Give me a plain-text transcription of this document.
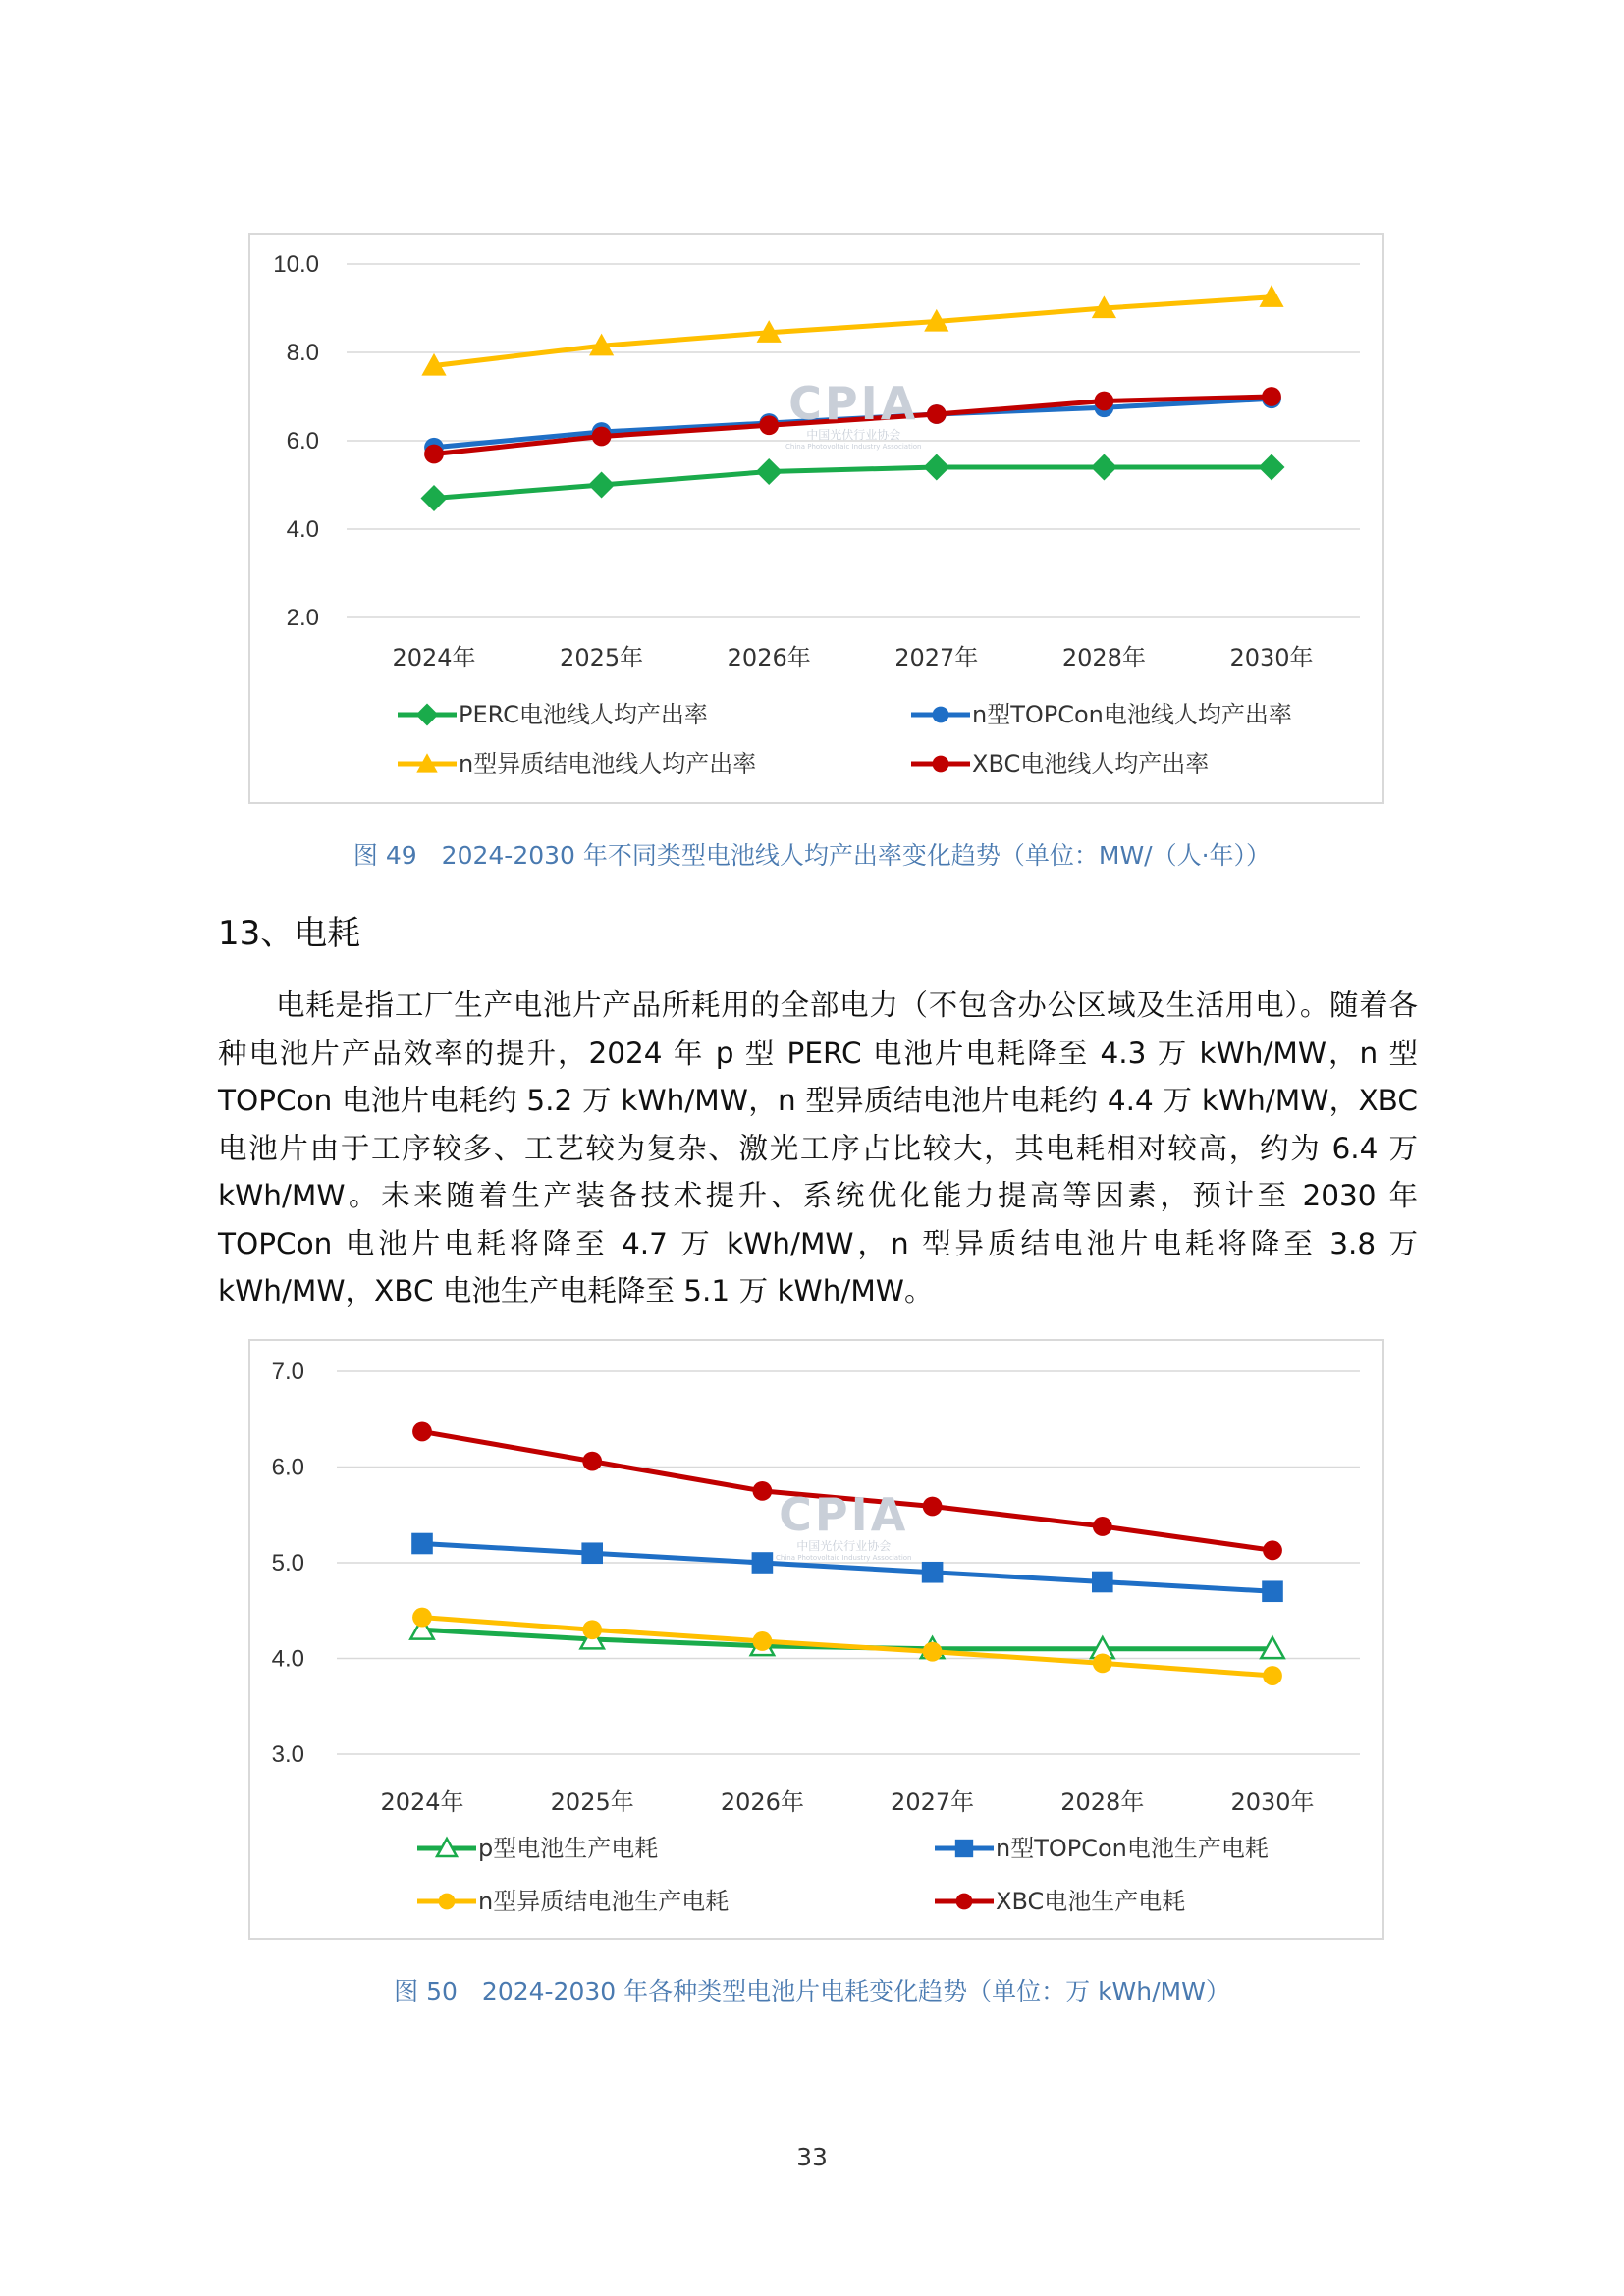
10.0
8.0
6.0
4.0
2.0
2024年	2025年	2026年	2027年	2028年	2030年
PERC电池线人均产出率	n型TOPCon电池线人均产出率
n型异质结电池线人均产出率	XBC电池线人均产出率
CPIA
中国光伏行业协会
China Photovoltaic Industry Association
图 49　2024-2030 年不同类型电池线人均产出率变化趋势（单位：MW/（人·年））
13、电耗

电耗是指工厂生产电池片产品所耗用的全部电力（不包含办公区域及生活用电）。随着各种电池片产品效率的提升，2024 年 p 型 PERC 电池片电耗降至 4.3 万 kWh/MW，n 型 TOPCon 电池片电耗约 5.2 万 kWh/MW，n 型异质结电池片电耗约 4.4 万 kWh/MW，XBC 电池片由于工序较多、工艺较为复杂、激光工序占比较大，其电耗相对较高，约为 6.4 万 kWh/MW。未来随着生产装备技术提升、系统优化能力提高等因素，预计至 2030 年 TOPCon 电池片电耗将降至 4.7 万 kWh/MW，n 型异质结电池片电耗将降至 3.8 万 kWh/MW，XBC 电池生产电耗降至 5.1 万 kWh/MW。

7.0
6.0
5.0
4.0
3.0
2024年	2025年	2026年	2027年	2028年	2030年
p型电池生产电耗	n型TOPCon电池生产电耗
n型异质结电池生产电耗	XBC电池生产电耗
CPIA
中国光伏行业协会
China Photovoltaic Industry Association
图 50　2024-2030 年各种类型电池片电耗变化趋势（单位：万 kWh/MW）
33
